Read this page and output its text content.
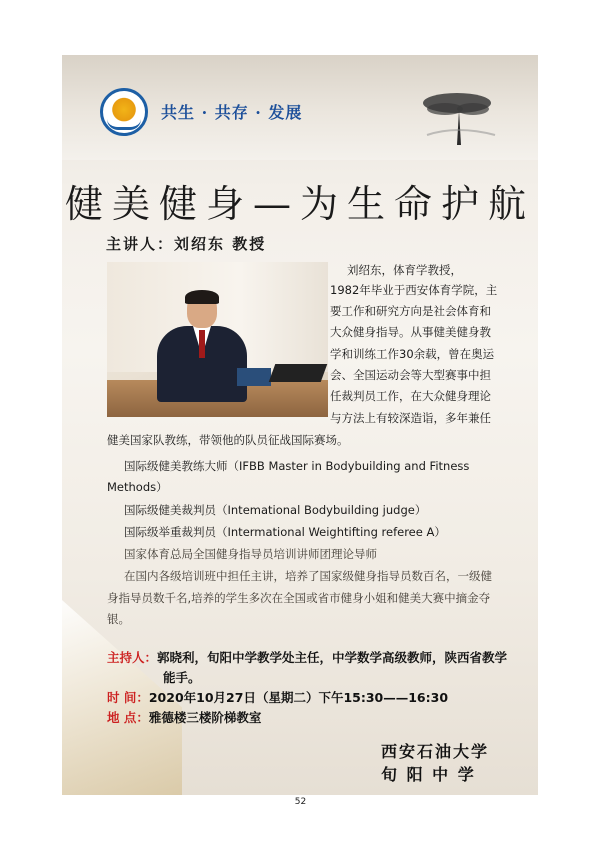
共生 · 共存 · 发展
健美健身—为生命护航
主讲人：刘绍东 教授
刘绍东，体育学教授，
1982年毕业于西安体育学院，主
要工作和研究方向是社会体育和
大众健身指导。从事健美健身教
学和训练工作30余载，曾在奥运
会、全国运动会等大型赛事中担
任裁判员工作，在大众健身理论
与方法上有较深造诣，多年兼任
健美国家队教练，带领他的队员征战国际赛场。
国际级健美教练大师（IFBB Master in Bodybuilding and Fitness
Methods）
国际级健美裁判员（Intemational Bodybuilding judge）
国际级举重裁判员（Intermational Weightifting referee A）
国家体育总局全国健身指导员培训讲师团理论导师
在国内各级培训班中担任主讲，培养了国家级健身指导员数百名，一级健
身指导员数千名,培养的学生多次在全国或省市健身小姐和健美大赛中摘金夺
银。
主持人：郭晓利，旬阳中学教学处主任，中学数学高级教师，陕西省教学
能手。
时 间：2020年10月27日（星期二）下午15:30——16:30
地 点：雅德楼三楼阶梯教室
西安石油大学
旬 阳 中 学
52
